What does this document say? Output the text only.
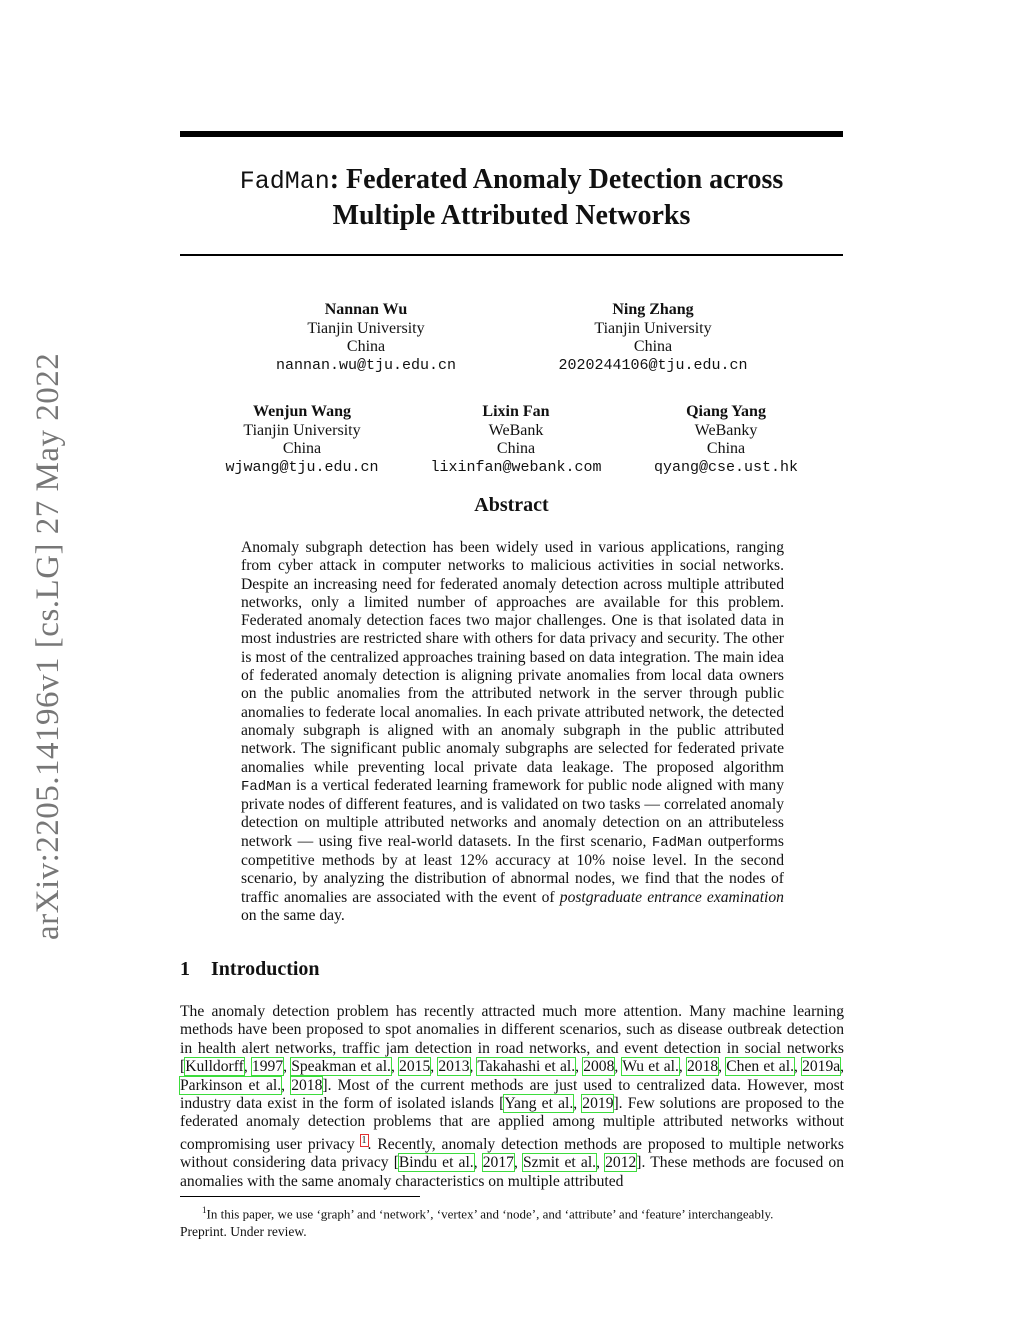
arXiv:2205.14196v1 [cs.LG] 27 May 2022
FadMan: Federated Anomaly Detection across
Multiple Attributed Networks
Nannan Wu
Tianjin University
China
nannan.wu@tju.edu.cn
Ning Zhang
Tianjin University
China
2020244106@tju.edu.cn
Wenjun Wang
Tianjin University
China
wjwang@tju.edu.cn
Lixin Fan
WeBank
China
lixinfan@webank.com
Qiang Yang
WeBanky
China
qyang@cse.ust.hk
Abstract
Anomaly subgraph detection has been widely used in various applications, ranging from cyber attack in computer networks to malicious activities in social networks. Despite an increasing need for federated anomaly detection across multiple attributed networks, only a limited number of approaches are available for this problem. Federated anomaly detection faces two major challenges. One is that isolated data in most industries are restricted share with others for data privacy and security. The other is most of the centralized approaches training based on data integration. The main idea of federated anomaly detection is aligning private anomalies from local data owners on the public anomalies from the attributed network in the server through public anomalies to federate local anomalies. In each private attributed network, the detected anomaly subgraph is aligned with an anomaly subgraph in the public attributed network. The significant public anomaly subgraphs are selected for federated private anomalies while preventing local private data leakage. The proposed algorithm FadMan is a vertical federated learning framework for public node aligned with many private nodes of different features, and is validated on two tasks — correlated anomaly detection on multiple attributed networks and anomaly detection on an attributeless network — using five real-world datasets. In the first scenario, FadMan outperforms competitive methods by at least 12% accuracy at 10% noise level. In the second scenario, by analyzing the distribution of abnormal nodes, we find that the nodes of traffic anomalies are associated with the event of postgraduate entrance examination on the same day.
1 Introduction
The anomaly detection problem has recently attracted much more attention. Many machine learning methods have been proposed to spot anomalies in different scenarios, such as disease outbreak detection in health alert networks, traffic jam detection in road networks, and event detection in social networks [Kulldorff, 1997, Speakman et al., 2015, 2013, Takahashi et al., 2008, Wu et al., 2018, Chen et al., 2019a, Parkinson et al., 2018]. Most of the current methods are just used to centralized data. However, most industry data exist in the form of isolated islands [Yang et al., 2019]. Few solutions are proposed to the federated anomaly detection problems that are applied among multiple attributed networks without compromising user privacy $^1$. Recently, anomaly detection methods are proposed to multiple networks without considering data privacy [Bindu et al., 2017, Szmit et al., 2012]. These methods are focused on anomalies with the same anomaly characteristics on multiple attributed
$^1$In this paper, we use ‘graph’ and ‘network’, ‘vertex’ and ‘node’, and ‘attribute’ and ‘feature’ interchangeably.
Preprint. Under review.
